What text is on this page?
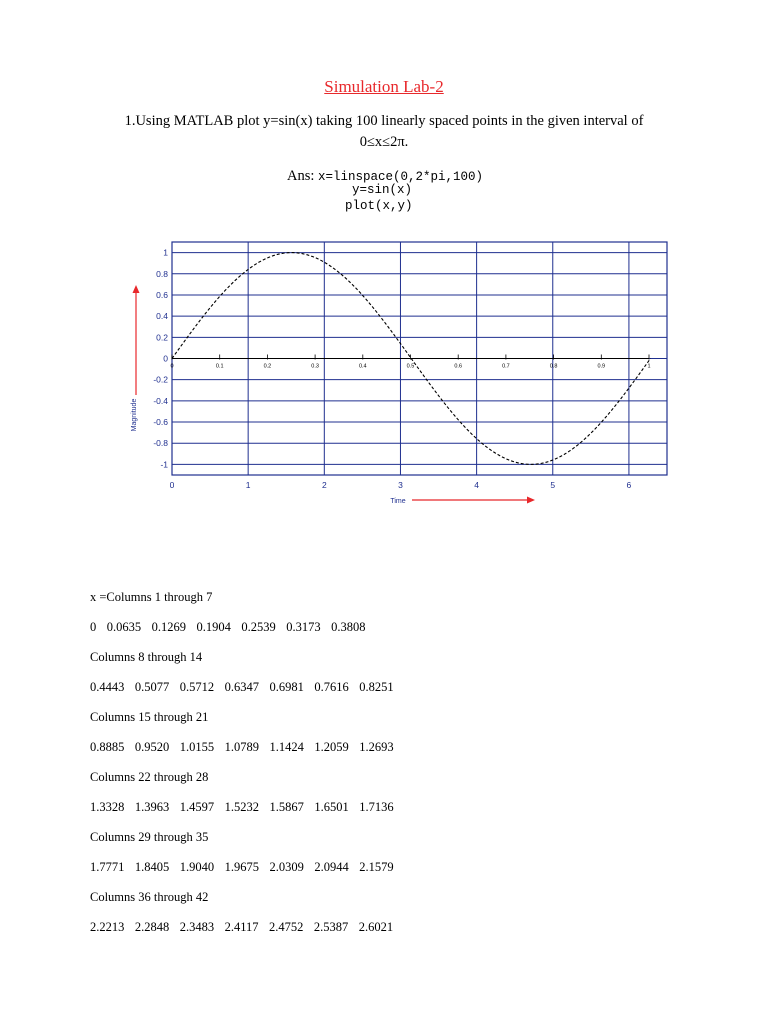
Simulation Lab-2
1.Using MATLAB plot y=sin(x) taking 100 linearly spaced points in the given interval of
0≤x≤2π.
Ans: x=linspace(0,2*pi,100)
y=sin(x)
plot(x,y)
1
0.8
0.6
0.4
0.2
0
-0.2
-0.4
-0.6
-0.8
-1
0	1	2	3	4	5	6
0	0.1	0.2	0.3	0.4	0.5	0.6	0.7	0.8	0.9	1
Magnitude
Time
x =Columns 1 through 7
0 0.0635 0.1269 0.1904 0.2539 0.3173 0.3808
Columns 8 through 14
0.4443 0.5077 0.5712 0.6347 0.6981 0.7616 0.8251
Columns 15 through 21
0.8885 0.9520 1.0155 1.0789 1.1424 1.2059 1.2693
Columns 22 through 28
1.3328 1.3963 1.4597 1.5232 1.5867 1.6501 1.7136
Columns 29 through 35
1.7771 1.8405 1.9040 1.9675 2.0309 2.0944 2.1579
Columns 36 through 42
2.2213 2.2848 2.3483 2.4117 2.4752 2.5387 2.6021
